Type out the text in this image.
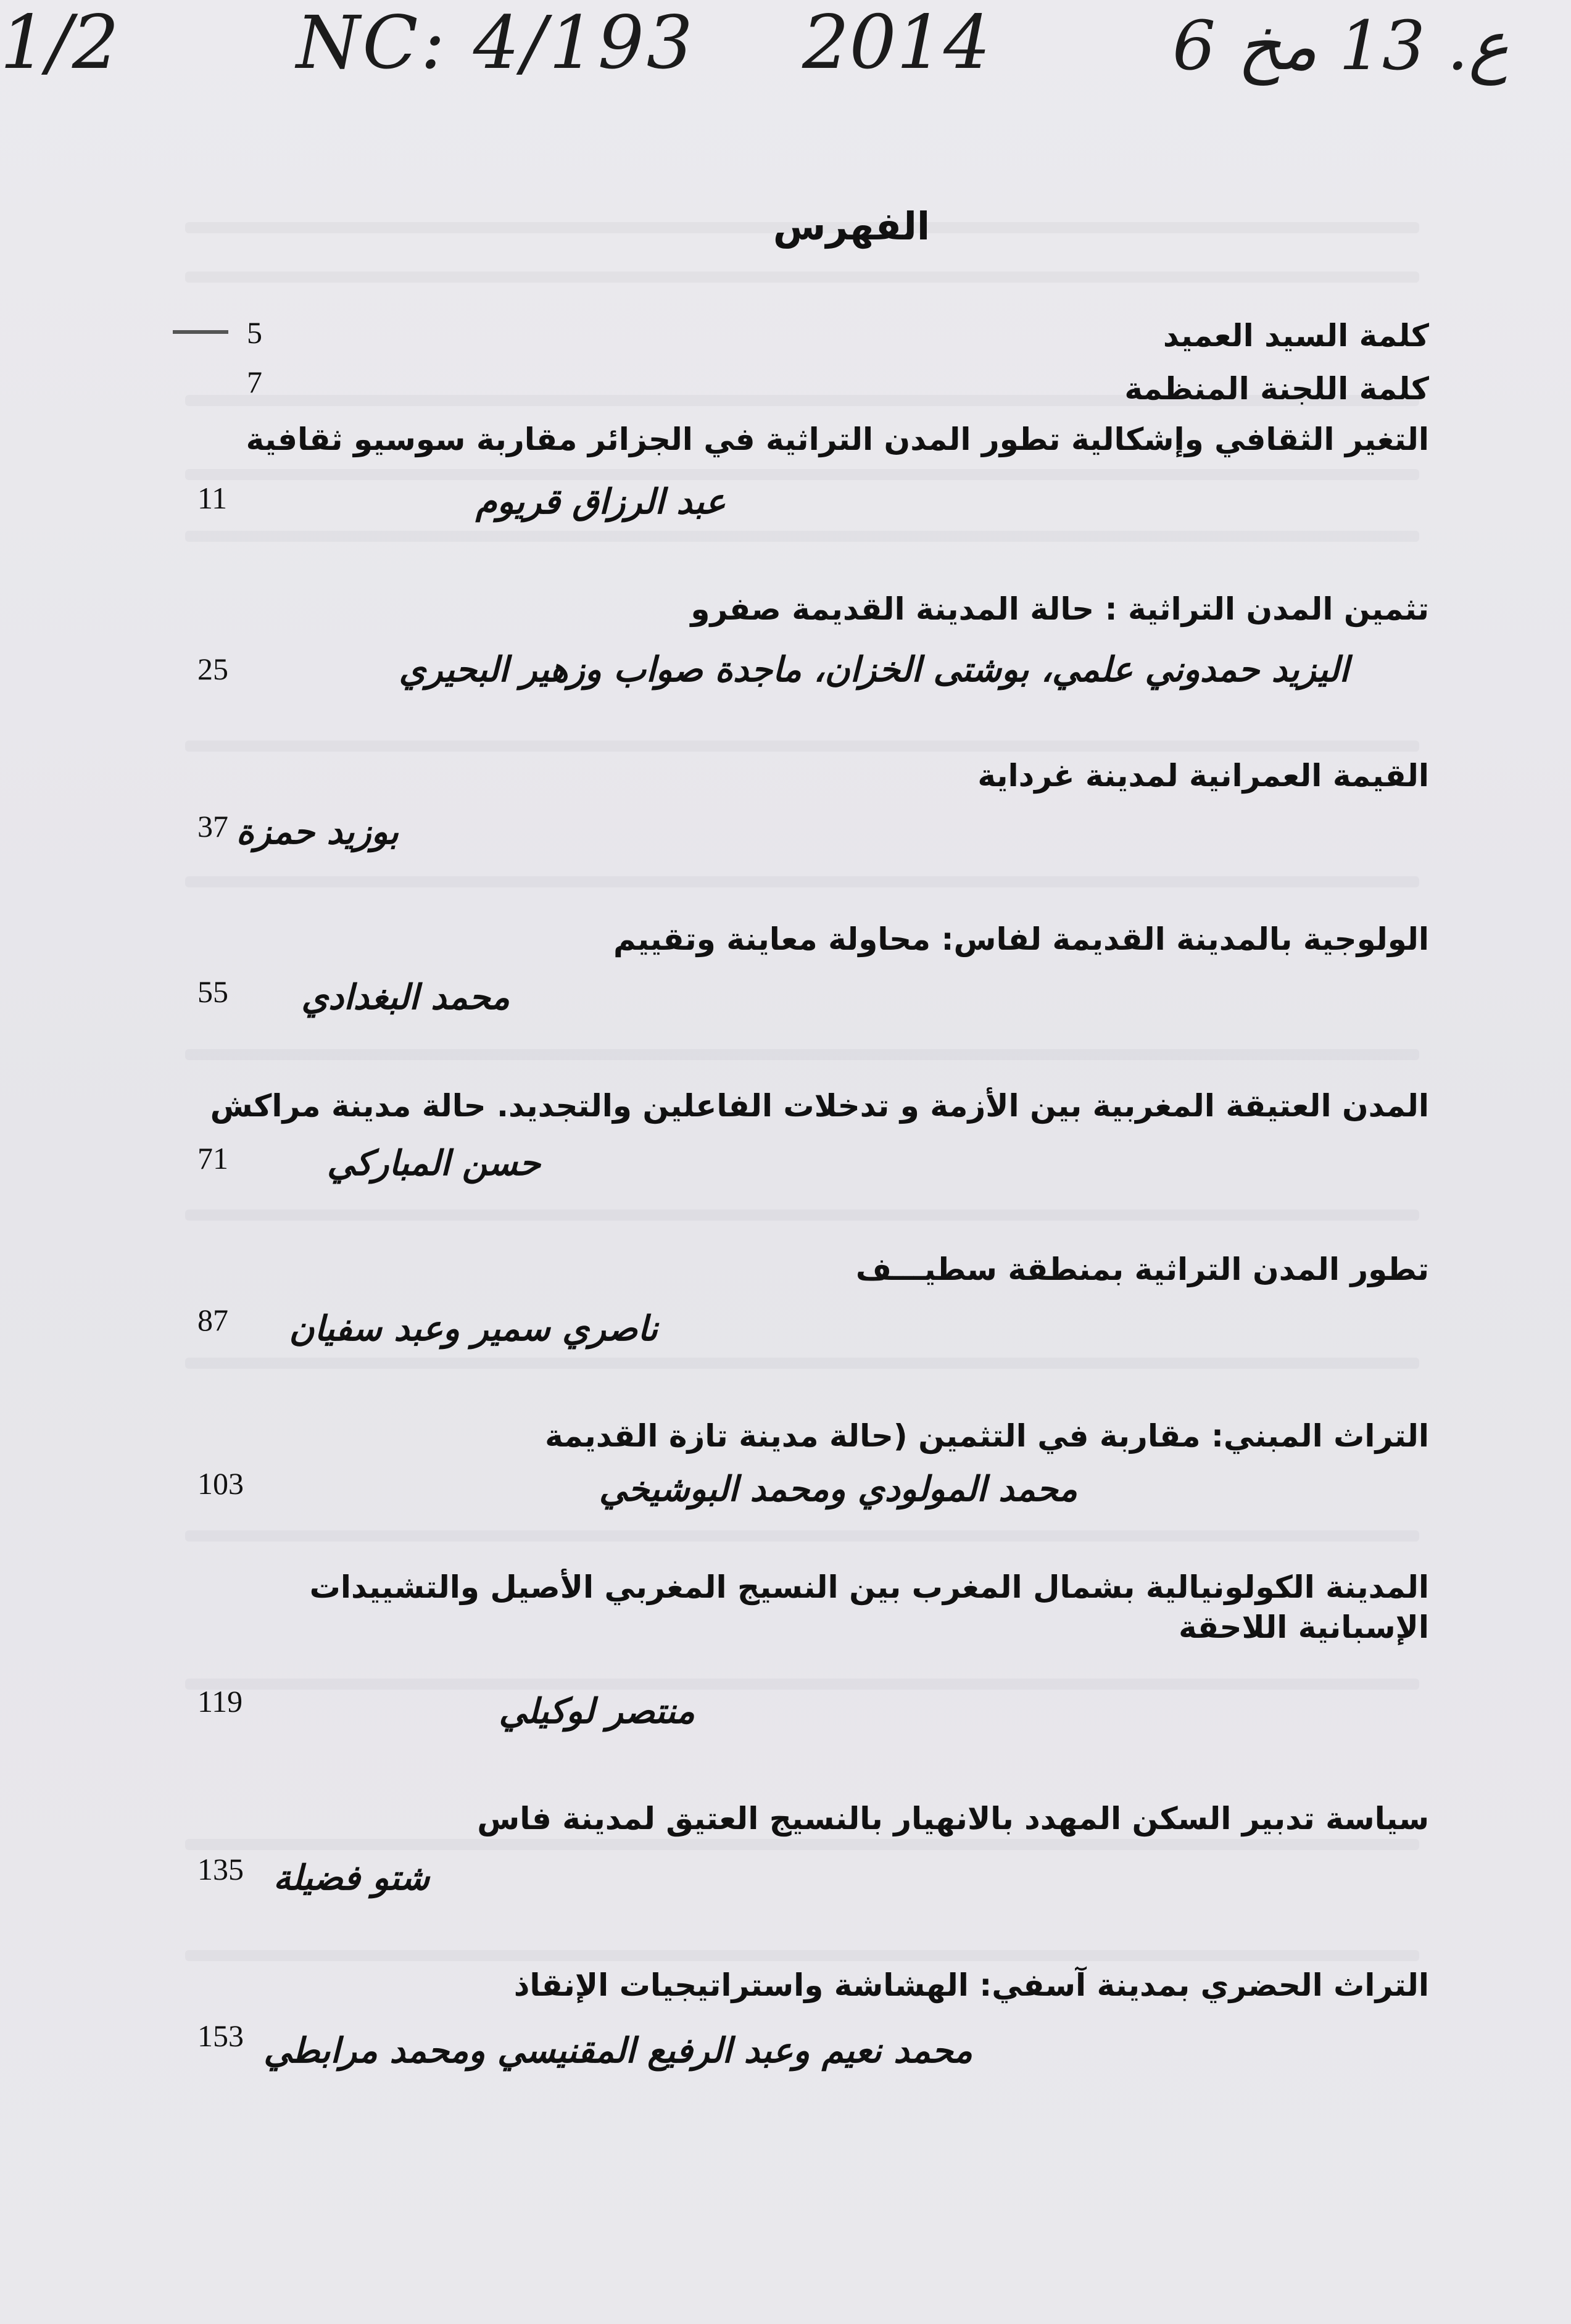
1/2 NC: 4/193 2014	ع. 13 مخ 6
الفهرس
كلمة السيد العميد
5
كلمة اللجنة المنظمة
7
التغير الثقافي وإشكالية تطور المدن التراثية في الجزائر مقاربة سوسيو ثقافية
عبد الرزاق قريوم
11
تثمين المدن التراثية : حالة المدينة القديمة صفرو
اليزيد حمدوني علمي، بوشتى الخزان، ماجدة صواب وزهير البحيري
25
القيمة العمرانية لمدينة غرداية
بوزيد حمزة
37
الولوجية بالمدينة القديمة لفاس: محاولة معاينة وتقييم
محمد البغدادي
55
المدن العتيقة المغربية بين الأزمة و تدخلات الفاعلين والتجديد. حالة مدينة مراكش
حسن المباركي
71
تطور المدن التراثية بمنطقة سطيـــف
ناصري سمير وعبد سفيان
87
التراث المبني: مقاربة في التثمين (حالة مدينة تازة القديمة
محمد المولودي ومحمد البوشيخي
103
المدينة الكولونيالية بشمال المغرب بين النسيج المغربي الأصيل والتشييدات الإسبانية اللاحقة
منتصر لوكيلي
119
سياسة تدبير السكن المهدد بالانهيار بالنسيج العتيق لمدينة فاس
شتو فضيلة
135
التراث الحضري بمدينة آسفي: الهشاشة واستراتيجيات الإنقاذ
محمد نعيم وعبد الرفيع المقنيسي ومحمد مرابطي
153
